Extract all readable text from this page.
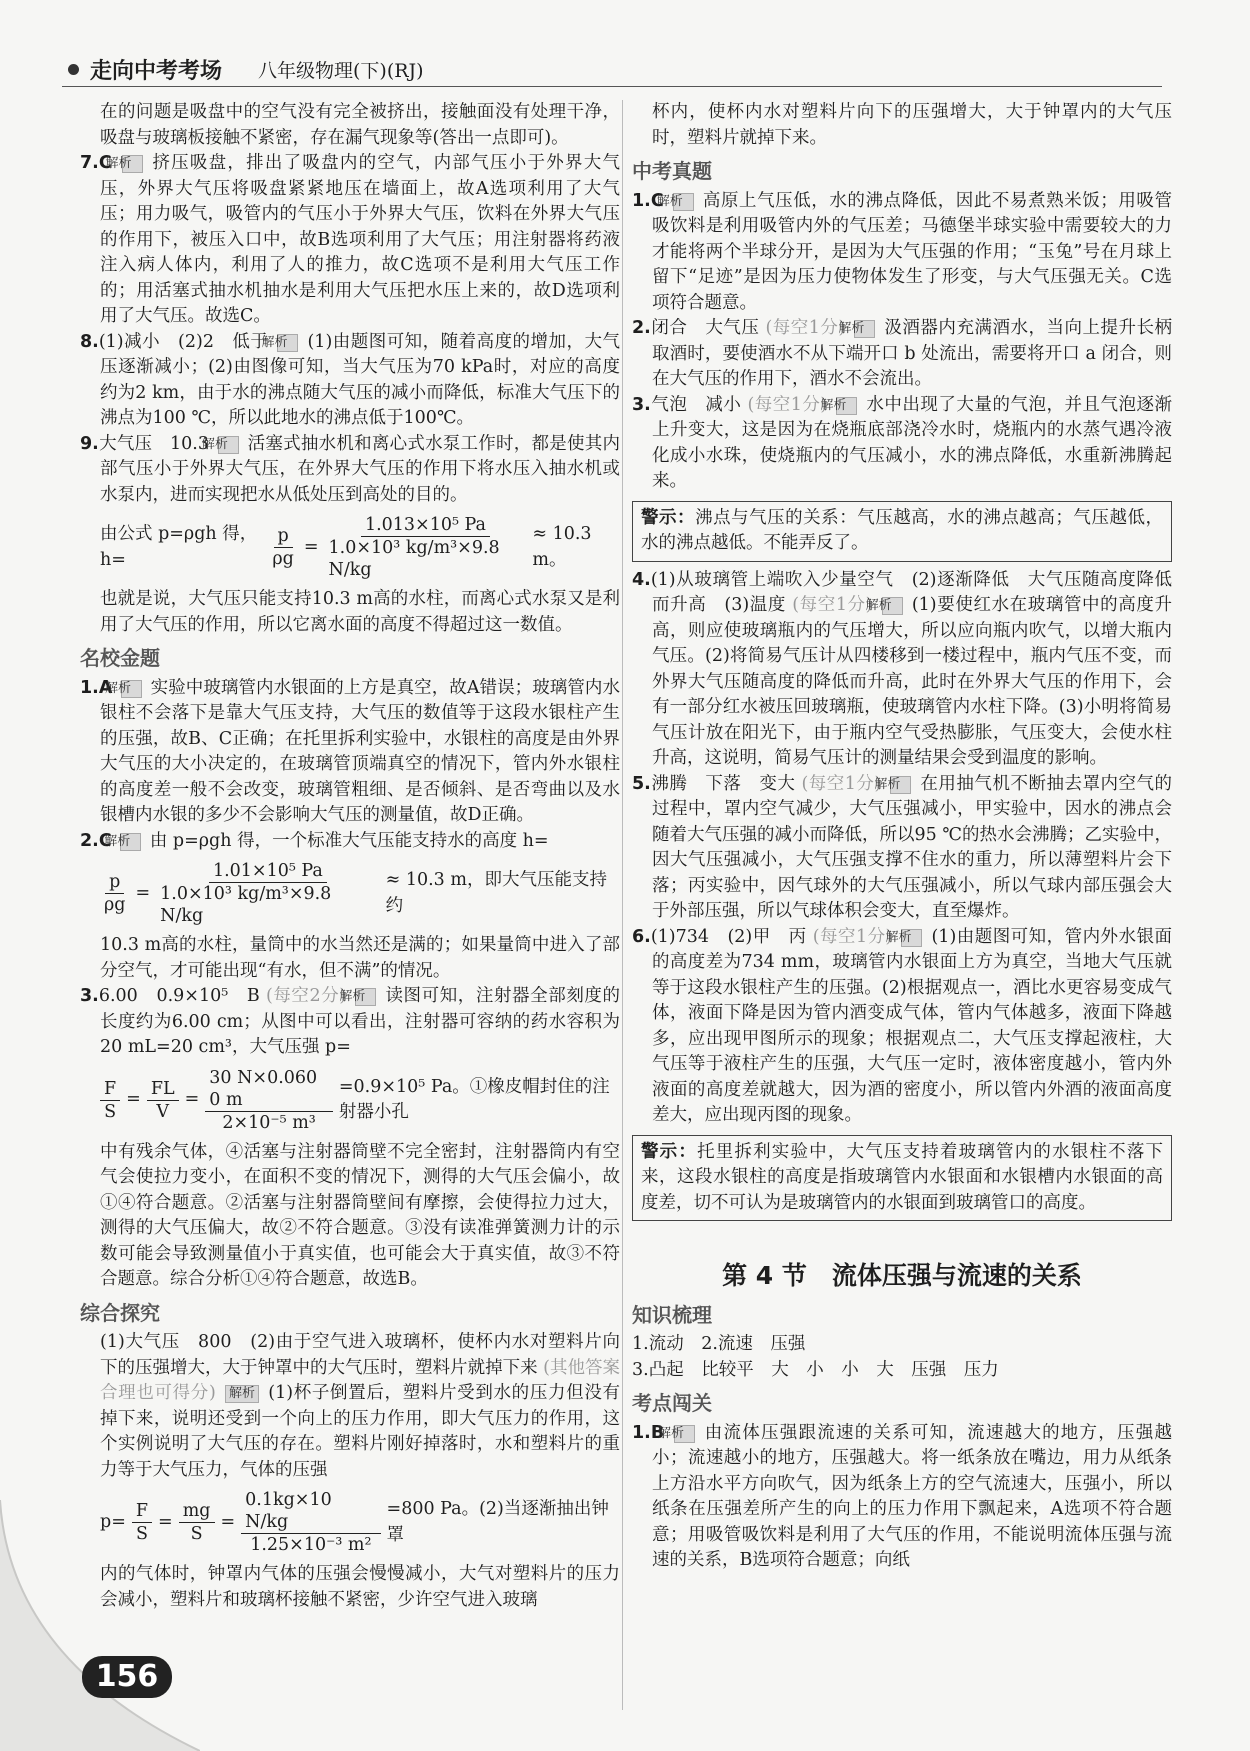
走向中考考场 八年级物理(下)(RJ)

在的问题是吸盘中的空气没有完全被挤出，接触面没有处理干净，吸盘与玻璃板接触不紧密，存在漏气现象等(答出一点即可)。

7.C 解析 挤压吸盘，排出了吸盘内的空气，内部气压小于外界大气压，外界大气压将吸盘紧紧地压在墙面上，故A选项利用了大气压；用力吸气，吸管内的气压小于外界大气压，饮料在外界大气压的作用下，被压入口中，故B选项利用了大气压；用注射器将药液注入病人体内，利用了人的推力，故C选项不是利用大气压工作的；用活塞式抽水机抽水是利用大气压把水压上来的，故D选项利用了大气压。故选C。

8.(1)减小　(2)2　低于 解析 (1)由题图可知，随着高度的增加，大气压逐渐减小；(2)由图像可知，当大气压为70 kPa时，对应的高度约为2 km，由于水的沸点随大气压的减小而降低，标准大气压下的沸点为100 ℃，所以此地水的沸点低于100℃。

9.大气压　10.3 解析 活塞式抽水机和离心式水泵工作时，都是使其内部气压小于外界大气压，在外界大气压的作用下将水压入抽水机或水泵内，进而实现把水从低处压到高处的目的。

由公式 p=ρgh 得，h=	$\frac{p}{\rho g} = \frac{\text{1.013×10⁵ Pa}}{\text{1.0×10³ kg/m³×9.8 N/kg}} \approx 10.3$ m。

也就是说，大气压只能支持10.3 m高的水柱，而离心式水泵又是利用了大气压的作用，所以它离水面的高度不得超过这一数值。

名校金题

1.A 解析 实验中玻璃管内水银面的上方是真空，故A错误；玻璃管内水银柱不会落下是靠大气压支持，大气压的数值等于这段水银柱产生的压强，故B、C正确；在托里拆利实验中，水银柱的高度是由外界大气压的大小决定的，在玻璃管顶端真空的情况下，管内外水银柱的高度差一般不会改变，玻璃管粗细、是否倾斜、是否弯曲以及水银槽内水银的多少不会影响大气压的测量值，故D正确。

2.C 解析 由 p=ρgh 得，一个标准大气压能支持水的高度 h=

$\frac{p}{\rho g} = \frac{\text{1.01×10⁵ Pa}}{\text{1.0×10³ kg/m³×9.8 N/kg}} \approx 10.3$ m，即大气压能支持约

10.3 m高的水柱，量筒中的水当然还是满的；如果量筒中进入了部分空气，才可能出现“有水，但不满”的情况。

3.6.00　0.9×10⁵　B (每空2分) 解析 读图可知，注射器全部刻度的长度约为6.00 cm；从图中可以看出，注射器可容纳的药水容积为20 mL=20 cm³，大气压强 p=

$\frac{F}{S} = \frac{FL}{V} = \frac{30 N\times 0.060 0 m}{\text{2×10⁻⁵ m³}} =0.9\times 10^5$ Pa。①橡皮帽封住的注射器小孔

中有残余气体，④活塞与注射器筒壁不完全密封，注射器筒内有空气会使拉力变小，在面积不变的情况下，测得的大气压会偏小，故①④符合题意。②活塞与注射器筒壁间有摩擦，会使得拉力过大，测得的大气压偏大，故②不符合题意。③没有读准弹簧测力计的示数可能会导致测量值小于真实值，也可能会大于真实值，故③不符合题意。综合分析①④符合题意，故选B。

综合探究

(1)大气压　800　(2)由于空气进入玻璃杯，使杯内水对塑料片向下的压强增大，大于钟罩中的大气压时，塑料片就掉下来 (其他答案合理也可得分) 解析 (1)杯子倒置后，塑料片受到水的压力但没有掉下来，说明还受到一个向上的压力作用，即大气压力的作用，这个实例说明了大气压的存在。塑料片刚好掉落时，水和塑料片的重力等于大气压力，气体的压强

$p= \frac{F}{S} = \frac{mg}{S} = \frac{0.1kg\times 10 N/kg}{\text{1.25×10⁻³ m²}} =800$ Pa。(2)当逐渐抽出钟罩

内的气体时，钟罩内气体的压强会慢慢减小，大气对塑料片的压力会减小，塑料片和玻璃杯接触不紧密，少许空气进入玻璃

杯内，使杯内水对塑料片向下的压强增大，大于钟罩内的大气压时，塑料片就掉下来。

中考真题

1.C 解析 高原上气压低，水的沸点降低，因此不易煮熟米饭；用吸管吸饮料是利用吸管内外的气压差；马德堡半球实验中需要较大的力才能将两个半球分开，是因为大气压强的作用；“玉兔”号在月球上留下“足迹”是因为压力使物体发生了形变，与大气压强无关。C选项符合题意。

2.闭合　大气压 (每空1分) 解析 汲酒器内充满酒水，当向上提升长柄取酒时，要使酒水不从下端开口 b 处流出，需要将开口 a 闭合，则在大气压的作用下，酒水不会流出。

3.气泡　减小 (每空1分) 解析 水中出现了大量的气泡，并且气泡逐渐上升变大，这是因为在烧瓶底部浇冷水时，烧瓶内的水蒸气遇冷液化成小水珠，使烧瓶内的气压减小，水的沸点降低，水重新沸腾起来。

警示：沸点与气压的关系：气压越高，水的沸点越高；气压越低，水的沸点越低。不能弄反了。

4.(1)从玻璃管上端吹入少量空气　(2)逐渐降低　大气压随高度降低而升高　(3)温度 (每空1分) 解析 (1)要使红水在玻璃管中的高度升高，则应使玻璃瓶内的气压增大，所以应向瓶内吹气，以增大瓶内气压。(2)将简易气压计从四楼移到一楼过程中，瓶内气压不变，而外界大气压随高度的降低而升高，此时在外界大气压的作用下，会有一部分红水被压回玻璃瓶，使玻璃管内水柱下降。(3)小明将简易气压计放在阳光下，由于瓶内空气受热膨胀，气压变大，会使水柱升高，这说明，简易气压计的测量结果会受到温度的影响。

5.沸腾　下落　变大 (每空1分) 解析 在用抽气机不断抽去罩内空气的过程中，罩内空气减少，大气压强减小，甲实验中，因水的沸点会随着大气压强的减小而降低，所以95 ℃的热水会沸腾；乙实验中，因大气压强减小，大气压强支撑不住水的重力，所以薄塑料片会下落；丙实验中，因气球外的大气压强减小，所以气球内部压强会大于外部压强，所以气球体积会变大，直至爆炸。

6.(1)734　(2)甲　丙 (每空1分) 解析 (1)由题图可知，管内外水银面的高度差为734 mm，玻璃管内水银面上方为真空，当地大气压就等于这段水银柱产生的压强。(2)根据观点一，酒比水更容易变成气体，液面下降是因为管内酒变成气体，管内气体越多，液面下降越多，应出现甲图所示的现象；根据观点二，大气压支撑起液柱，大气压等于液柱产生的压强，大气压一定时，液体密度越小，管内外液面的高度差就越大，因为酒的密度小，所以管内外酒的液面高度差大，应出现丙图的现象。

警示：托里拆利实验中，大气压支持着玻璃管内的水银柱不落下来，这段水银柱的高度是指玻璃管内水银面和水银槽内水银面的高度差，切不可认为是玻璃管内的水银面到玻璃管口的高度。
第 4 节　流体压强与流速的关系
知识梳理

1.流动　2.流速　压强

3.凸起　比较平　大　小　小　大　压强　压力

考点闯关

1.B 解析 由流体压强跟流速的关系可知，流速越大的地方，压强越小；流速越小的地方，压强越大。将一纸条放在嘴边，用力从纸条上方沿水平方向吹气，因为纸条上方的空气流速大，压强小，所以纸条在压强差所产生的向上的压力作用下飘起来，A选项不符合题意；用吸管吸饮料是利用了大气压的作用，不能说明流体压强与流速的关系，B选项符合题意；向纸

156
